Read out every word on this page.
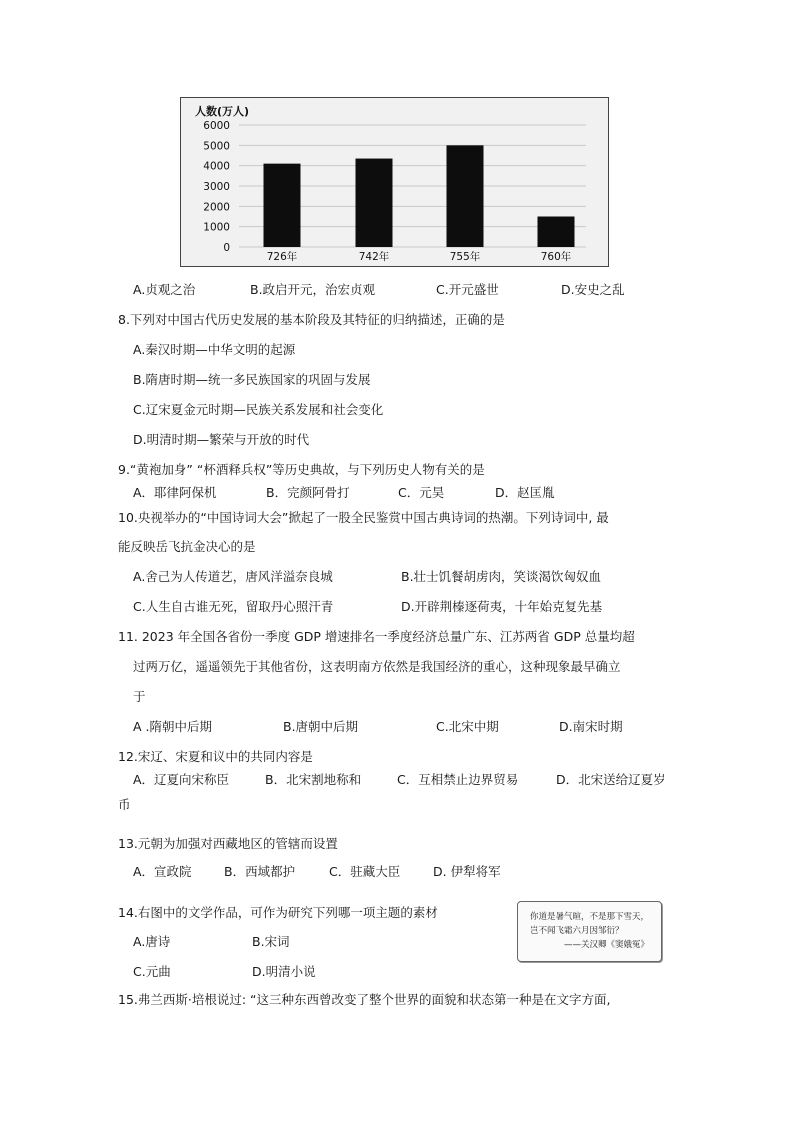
人数(万人)
6000
5000
4000
3000
2000
1000
0
726年	742年	755年	760年
A.贞观之治	B.政启开元，治宏贞观	C.开元盛世	D.安史之乱
8.下列对中国古代历史发展的基本阶段及其特征的归纳描述，正确的是
A.秦汉时期—中华文明的起源
B.隋唐时期—统一多民族国家的巩固与发展
C.辽宋夏金元时期—民族关系发展和社会变化
D.明清时期—繁荣与开放的时代
9.“黄袍加身” “杯酒释兵权”等历史典故，与下列历史人物有关的是
A．耶律阿保机	B．完颜阿骨打	C．元昊	D．赵匡胤
10.央视举办的“中国诗词大会”掀起了一股全民鉴赏中国古典诗词的热潮。下列诗词中, 最
能反映岳飞抗金决心的是
A.舍己为人传道艺，唐风洋溢奈良城	B.壮士饥餐胡虏肉，笑谈渴饮匈奴血
C.人生自古谁无死，留取丹心照汗青	D.开辟荆榛逐荷夷，十年始克复先基
11. 2023 年全国各省份一季度 GDP 增速排名一季度经济总量广东、江苏两省 GDP 总量均超
过两万亿，遥遥领先于其他省份，这表明南方依然是我国经济的重心，这种现象最早确立
于
A .隋朝中后期	B.唐朝中后期	C.北宋中期	D.南宋时期
12.宋辽、宋夏和议中的共同内容是
A．辽夏向宋称臣	B．北宋割地称和	C．互相禁止边界贸易	D．北宋送给辽夏岁
币
13.元朝为加强对西藏地区的管辖而设置
A．宣政院	B．西域都护	C．驻藏大臣	D. 伊犁将军
14.右图中的文学作品，可作为研究下列哪一项主题的素材
A.唐诗	B.宋词
C.元曲	D.明清小说
你道是暑气暄，不是那下雪天，
岂不闻飞霜六月因邹衍？
——关汉卿《窦娥冤》
15.弗兰西斯·培根说过: “这三种东西曾改变了整个世界的面貌和状态第一种是在文字方面,
